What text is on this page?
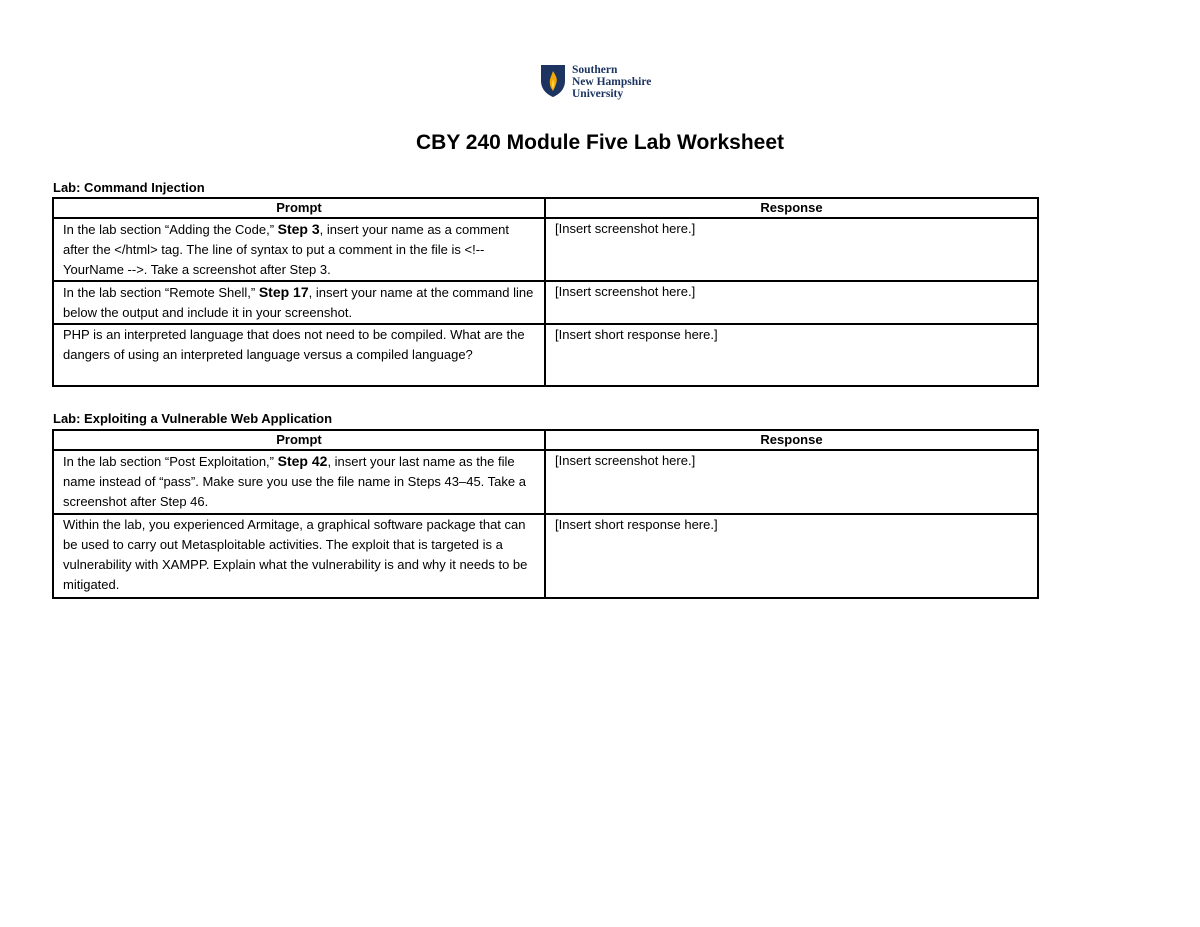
Southern
New Hampshire
University
CBY 240 Module Five Lab Worksheet
Lab: Command Injection
Prompt	Response
In the lab section “Adding the Code,” Step 3, insert your name as a comment after the </html> tag. The line of syntax to put a comment in the file is <!-- YourName -->. Take a screenshot after Step 3.	[Insert screenshot here.]
In the lab section “Remote Shell,” Step 17, insert your name at the command line below the output and include it in your screenshot.	[Insert screenshot here.]
PHP is an interpreted language that does not need to be compiled. What are the dangers of using an interpreted language versus a compiled language?	[Insert short response here.]
Lab: Exploiting a Vulnerable Web Application
Prompt	Response
In the lab section “Post Exploitation,” Step 42, insert your last name as the file name instead of “pass”. Make sure you use the file name in Steps 43–45. Take a screenshot after Step 46.	[Insert screenshot here.]
Within the lab, you experienced Armitage, a graphical software package that can be used to carry out Metasploitable activities. The exploit that is targeted is a vulnerability with XAMPP. Explain what the vulnerability is and why it needs to be mitigated.	[Insert short response here.]
